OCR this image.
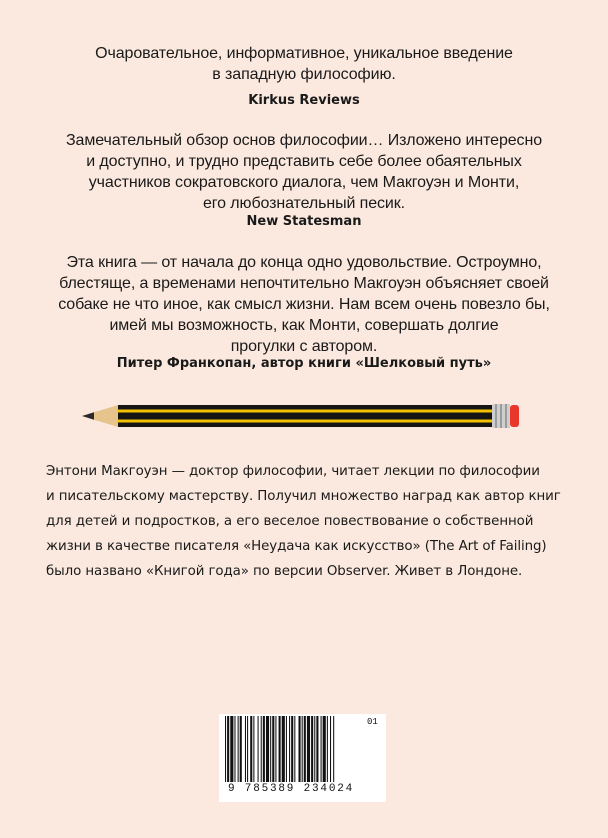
Очаровательное, информативное, уникальное введение
в западную философию.
Kirkus Reviews
Замечательный обзор основ философии… Изложено интересно
и доступно, и трудно представить себе более обаятельных
участников сократовского диалога, чем Макгоуэн и Монти,
его любознательный песик.
New Statesman
Эта книга — от начала до конца одно удовольствие. Остроумно,
блестяще, а временами непочтительно Макгоуэн объясняет своей
собаке не что иное, как смысл жизни. Нам всем очень повезло бы,
имей мы возможность, как Монти, совершать долгие
прогулки с автором.
Питер Франкопан, автор книги «Шелковый путь»

Энтони Макгоуэн — доктор философии, читает лекции по философии

и писательскому мастерству. Получил множество наград как автор книг

для детей и подростков, а его веселое повествование о собственной

жизни в качестве писателя «Неудача как искусство» (The Art of Failing)

было названо «Книгой года» по версии Observer. Живет в Лондоне.

9 785389 234024
01
